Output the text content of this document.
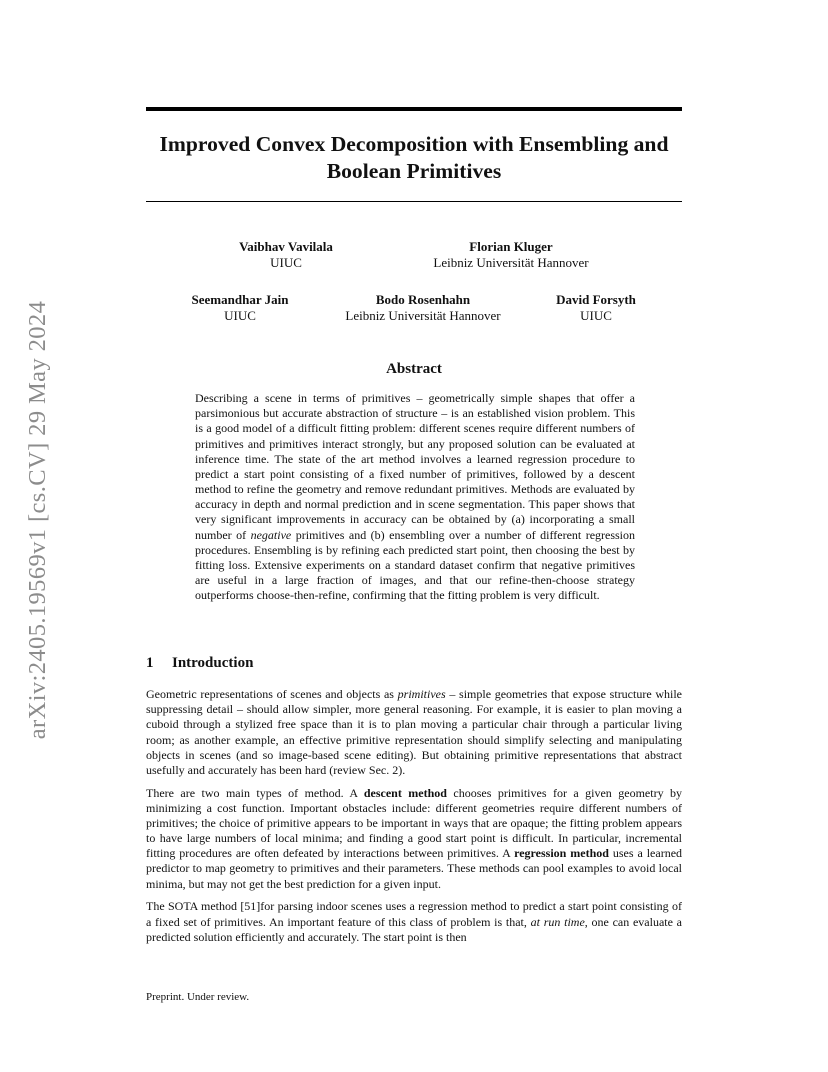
arXiv:2405.19569v1 [cs.CV] 29 May 2024
Improved Convex Decomposition with Ensembling and
Boolean Primitives
Vaibhav Vavilala
UIUC
Florian Kluger
Leibniz Universität Hannover
Seemandhar Jain
UIUC
Bodo Rosenhahn
Leibniz Universität Hannover
David Forsyth
UIUC
Abstract

Describing a scene in terms of primitives – geometrically simple shapes that offer a parsimonious but accurate abstraction of structure – is an established vision problem. This is a good model of a difficult fitting problem: different scenes require different numbers of primitives and primitives interact strongly, but any proposed solution can be evaluated at inference time. The state of the art method involves a learned regression procedure to predict a start point consisting of a fixed number of primitives, followed by a descent method to refine the geometry and remove redundant primitives. Methods are evaluated by accuracy in depth and normal prediction and in scene segmentation. This paper shows that very significant improvements in accuracy can be obtained by (a) incorporating a small number of negative primitives and (b) ensembling over a number of different regression procedures. Ensembling is by refining each predicted start point, then choosing the best by fitting loss. Extensive experiments on a standard dataset confirm that negative primitives are useful in a large fraction of images, and that our refine-then-choose strategy outperforms choose-then-refine, confirming that the fitting problem is very difficult.

1 Introduction

Geometric representations of scenes and objects as primitives – simple geometries that expose structure while suppressing detail – should allow simpler, more general reasoning. For example, it is easier to plan moving a cuboid through a stylized free space than it is to plan moving a particular chair through a particular living room; as another example, an effective primitive representation should simplify selecting and manipulating objects in scenes (and so image-based scene editing). But obtaining primitive representations that abstract usefully and accurately has been hard (review Sec. 2).

There are two main types of method. A descent method chooses primitives for a given geometry by minimizing a cost function. Important obstacles include: different geometries require different numbers of primitives; the choice of primitive appears to be important in ways that are opaque; the fitting problem appears to have large numbers of local minima; and finding a good start point is difficult. In particular, incremental fitting procedures are often defeated by interactions between primitives. A regression method uses a learned predictor to map geometry to primitives and their parameters. These methods can pool examples to avoid local minima, but may not get the best prediction for a given input.

The SOTA method [51]for parsing indoor scenes uses a regression method to predict a start point consisting of a fixed set of primitives. An important feature of this class of problem is that, at run time, one can evaluate a predicted solution efficiently and accurately. The start point is then

Preprint. Under review.
